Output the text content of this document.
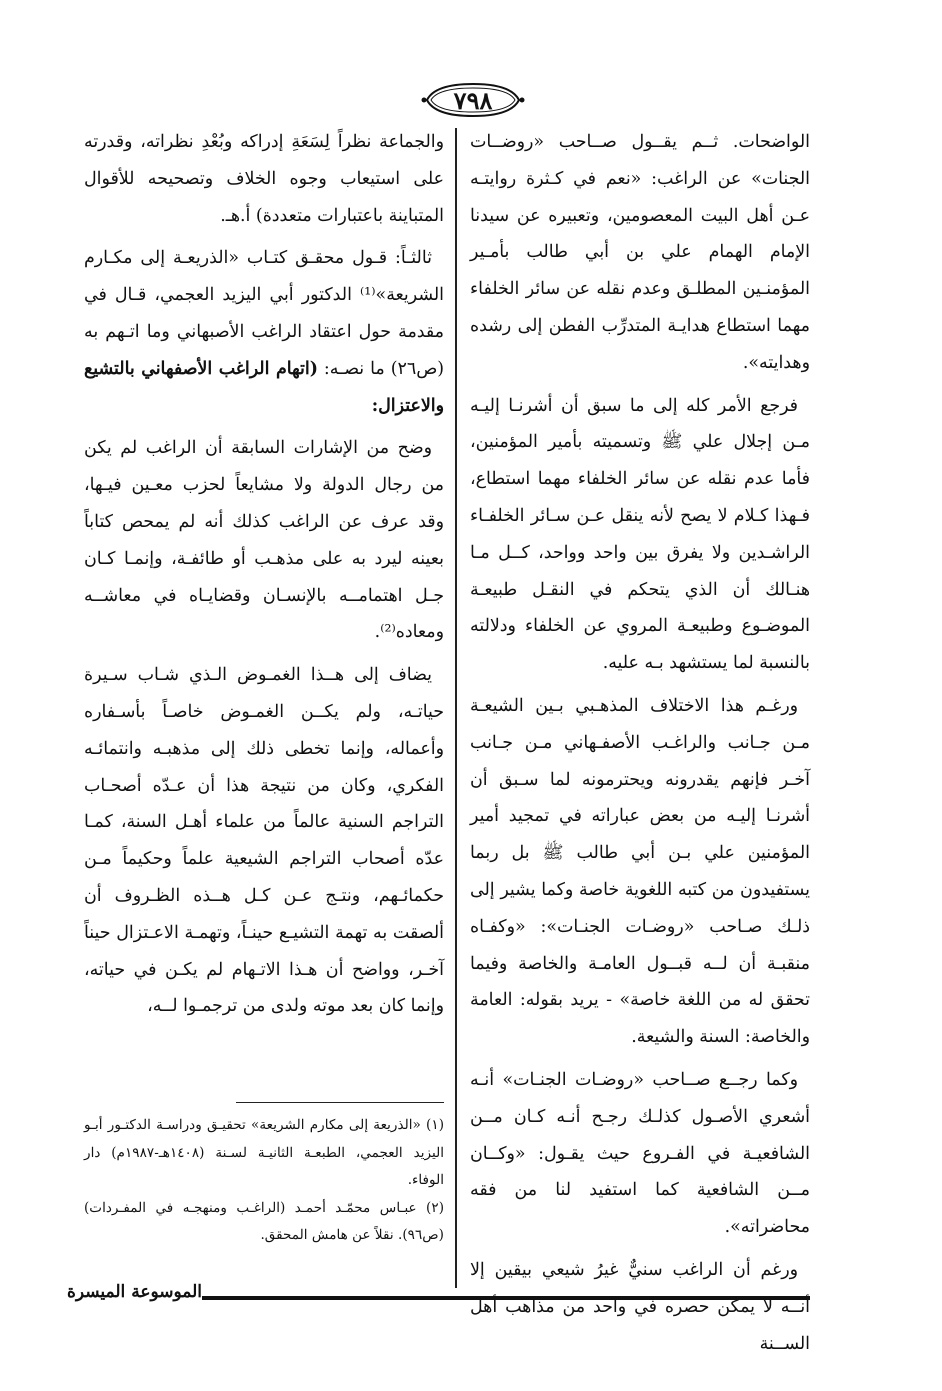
٧٩٨

الواضحات. ثــم يقــول صــاحب «روضــات الجنات» عن الراغب: «نعم في كـثرة روايتـه عـن أهل البيت المعصومين، وتعبيره عن سيدنا الإمام الهمام علي بن أبي طالب بأمـير المؤمنـين المطلـق وعدم نقله عن سائر الخلفاء مهما استطاع هدايـة المتدرِّب الفطن إلى رشده وهدايته».

فرجع الأمر كله إلى ما سبق أن أشرنـا إليـه مـن إجلال علي ﷺ وتسميته بأمير المؤمنين، فأما عدم نقله عن سائر الخلفاء مهما استطاع، فـهذا كـلام لا يصح لأنه ينقل عـن سـائر الخلفـاء الراشـدين ولا يفرق بين واحد وواحد، كــل مـا هنـالك أن الذي يتحكم في النقـل طبيعـة الموضـوع وطبيعـة المروي عن الخلفاء ودلالته بالنسبة لما يستشهد بـه عليه.

ورغـم هذا الاختلاف المذهـبي بـين الشيعـة مـن جـانب والراغـب الأصفـهاني مـن جـانب آخـر فإنهم يقدرونه ويحترمونه لما سـبق أن أشرنـا إليـه من بعض عباراته في تمجيد أمير المؤمنين علي بـن أبي طالب ﷺ بل ربما يستفيدون من كتبه اللغوية خاصة وكما يشير إلى ذلـك صـاحب «روضـات الجنـات»: «وكفـاه منقبـة أن لــه قبــول العامـة والخاصة وفيما تحقق له من اللغة خاصة» - يريد بقوله: العامة والخاصة: السنة والشيعة.

وكما رجــع صــاحب «روضـات الجنـات» أنـه أشعري الأصـول كذلـك رجـح أنـه كـان مــن الشافعيـة في الفـروع حيث يقـول: «وكــان مــن الشافعية كما استفيد لنا من فقه محاضراته».

ورغم أن الراغب سنيٌّ غيرُ شيعي بيقين إلا أنــه لا يمكن حصره في واحد من مذاهب أهل الســنة

والجماعة نظراً لِسَعَةِ إدراكه وبُعْدِ نظراته، وقدرته على استيعاب وجوه الخلاف وتصحيحه للأقوال المتباينة باعتبارات متعددة) أ.هـ.

ثالثـاً: قـول محقـق كتـاب «الذريعـة إلى مكـارم الشريعة»⁽¹⁾ الدكتور أبي اليزيد العجمي، قـال في مقدمة حول اعتقاد الراغب الأصبهاني وما اتـهم به (ص٢٦) ما نصـه: (اتهام الراغب الأصفهاني بالتشيع والاعتزال:

وضح من الإشارات السابقة أن الراغب لم يكن من رجال الدولة ولا مشايعاً لحزب معـين فيـها، وقد عرف عن الراغب كذلك أنه لم يمحص كتاباً بعينه ليرد به على مذهـب أو طائفـة، وإنمـا كـان جـل اهتمامــه بالإنسـان وقضايـاه في معاشــه ومعاده⁽²⁾.

يضاف إلى هــذا الغمـوض الـذي شـاب سـيرة حياتـه، ولم يكــن الغمـوض خاصـاً بأسـفاره وأعماله، وإنما تخطى ذلك إلى مذهبـه وانتمائـه الفكري، وكان من نتيجة هذا أن عـدّه أصحـاب التراجم السنية عالماً من علماء أهـل السنة، كمـا عدّه أصحاب التراجم الشيعية علماً وحكيماً مـن حكمائـهم، ونتـج عـن كـل هــذه الظـروف أن ألصقت به تهمة التشيـع حينـاً، وتهمـة الاعـتزال حيناً آخـر، وواضح أن هـذا الاتـهام لم يكـن في حياته، وإنما كان بعد موته ولدى من ترجمـوا لــه،

(١) «الذريعة إلى مكارم الشريعة» تحقيـق ودراسـة الدكتـور أبـو اليزيد العجمي، الطبعـة الثانيـة لسـنة (١٤٠٨هـ-١٩٨٧م) دار الوفاء.

(٢) عبـاس محمّـد أحمـد (الراغـب ومنهجـه في المفـردات) (ص٩٦). نقلاً عن هامش المحقق.

الموسوعة الميسرة
